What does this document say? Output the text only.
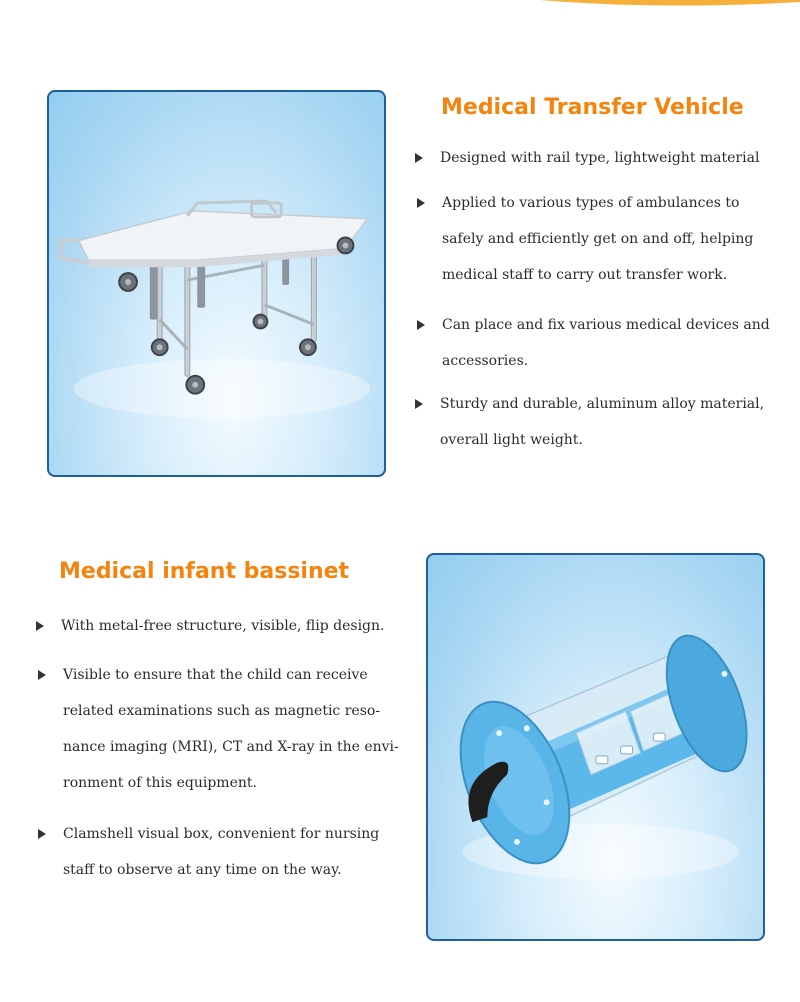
Medical Transfer Vehicle
Designed with rail type, lightweight material
Applied to various types of ambulances to
safely and efficiently get on and off, helping
medical staff to carry out transfer work.
Can place and fix various medical devices and
accessories.
Sturdy and durable, aluminum alloy material,
overall light weight.
Medical infant bassinet
With metal-free structure, visible, flip design.
Visible to ensure that the child can receive
related examinations such as magnetic reso-
nance imaging (MRI), CT and X-ray in the envi-
ronment of this equipment.
Clamshell visual box, convenient for nursing
staff to observe at any time on the way.
